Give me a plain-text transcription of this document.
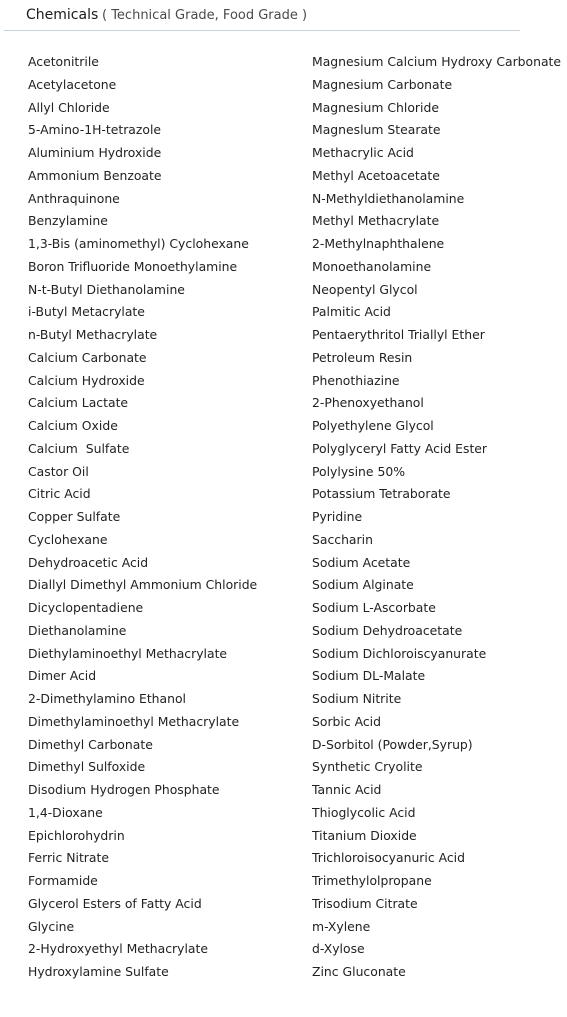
Chemicals ( Technical Grade, Food Grade )
Acetonitrile
Acetylacetone
Allyl Chloride
5-Amino-1H-tetrazole
Aluminium Hydroxide
Ammonium Benzoate
Anthraquinone
Benzylamine
1,3-Bis (aminomethyl) Cyclohexane
Boron Trifluoride Monoethylamine
N-t-Butyl Diethanolamine
i-Butyl Metacrylate
n-Butyl Methacrylate
Calcium Carbonate
Calcium Hydroxide
Calcium Lactate
Calcium Oxide
Calcium  Sulfate
Castor Oil
Citric Acid
Copper Sulfate
Cyclohexane
Dehydroacetic Acid
Diallyl Dimethyl Ammonium Chloride
Dicyclopentadiene
Diethanolamine
Diethylaminoethyl Methacrylate
Dimer Acid
2-Dimethylamino Ethanol
Dimethylaminoethyl Methacrylate
Dimethyl Carbonate
Dimethyl Sulfoxide
Disodium Hydrogen Phosphate
1,4-Dioxane
Epichlorohydrin
Ferric Nitrate
Formamide
Glycerol Esters of Fatty Acid
Glycine
2-Hydroxyethyl Methacrylate
Hydroxylamine Sulfate
Magnesium Calcium Hydroxy Carbonate
Magnesium Carbonate
Magnesium Chloride
Magneslum Stearate
Methacrylic Acid
Methyl Acetoacetate
N-Methyldiethanolamine
Methyl Methacrylate
2-Methylnaphthalene
Monoethanolamine
Neopentyl Glycol
Palmitic Acid
Pentaerythritol Triallyl Ether
Petroleum Resin
Phenothiazine
2-Phenoxyethanol
Polyethylene Glycol
Polyglyceryl Fatty Acid Ester
Polylysine 50%
Potassium Tetraborate
Pyridine
Saccharin
Sodium Acetate
Sodium Alginate
Sodium L-Ascorbate
Sodium Dehydroacetate
Sodium Dichloroiscyanurate
Sodium DL-Malate
Sodium Nitrite
Sorbic Acid
D-Sorbitol (Powder,Syrup)
Synthetic Cryolite
Tannic Acid
Thioglycolic Acid
Titanium Dioxide
Trichloroisocyanuric Acid
Trimethylolpropane
Trisodium Citrate
m-Xylene
d-Xylose
Zinc Gluconate
